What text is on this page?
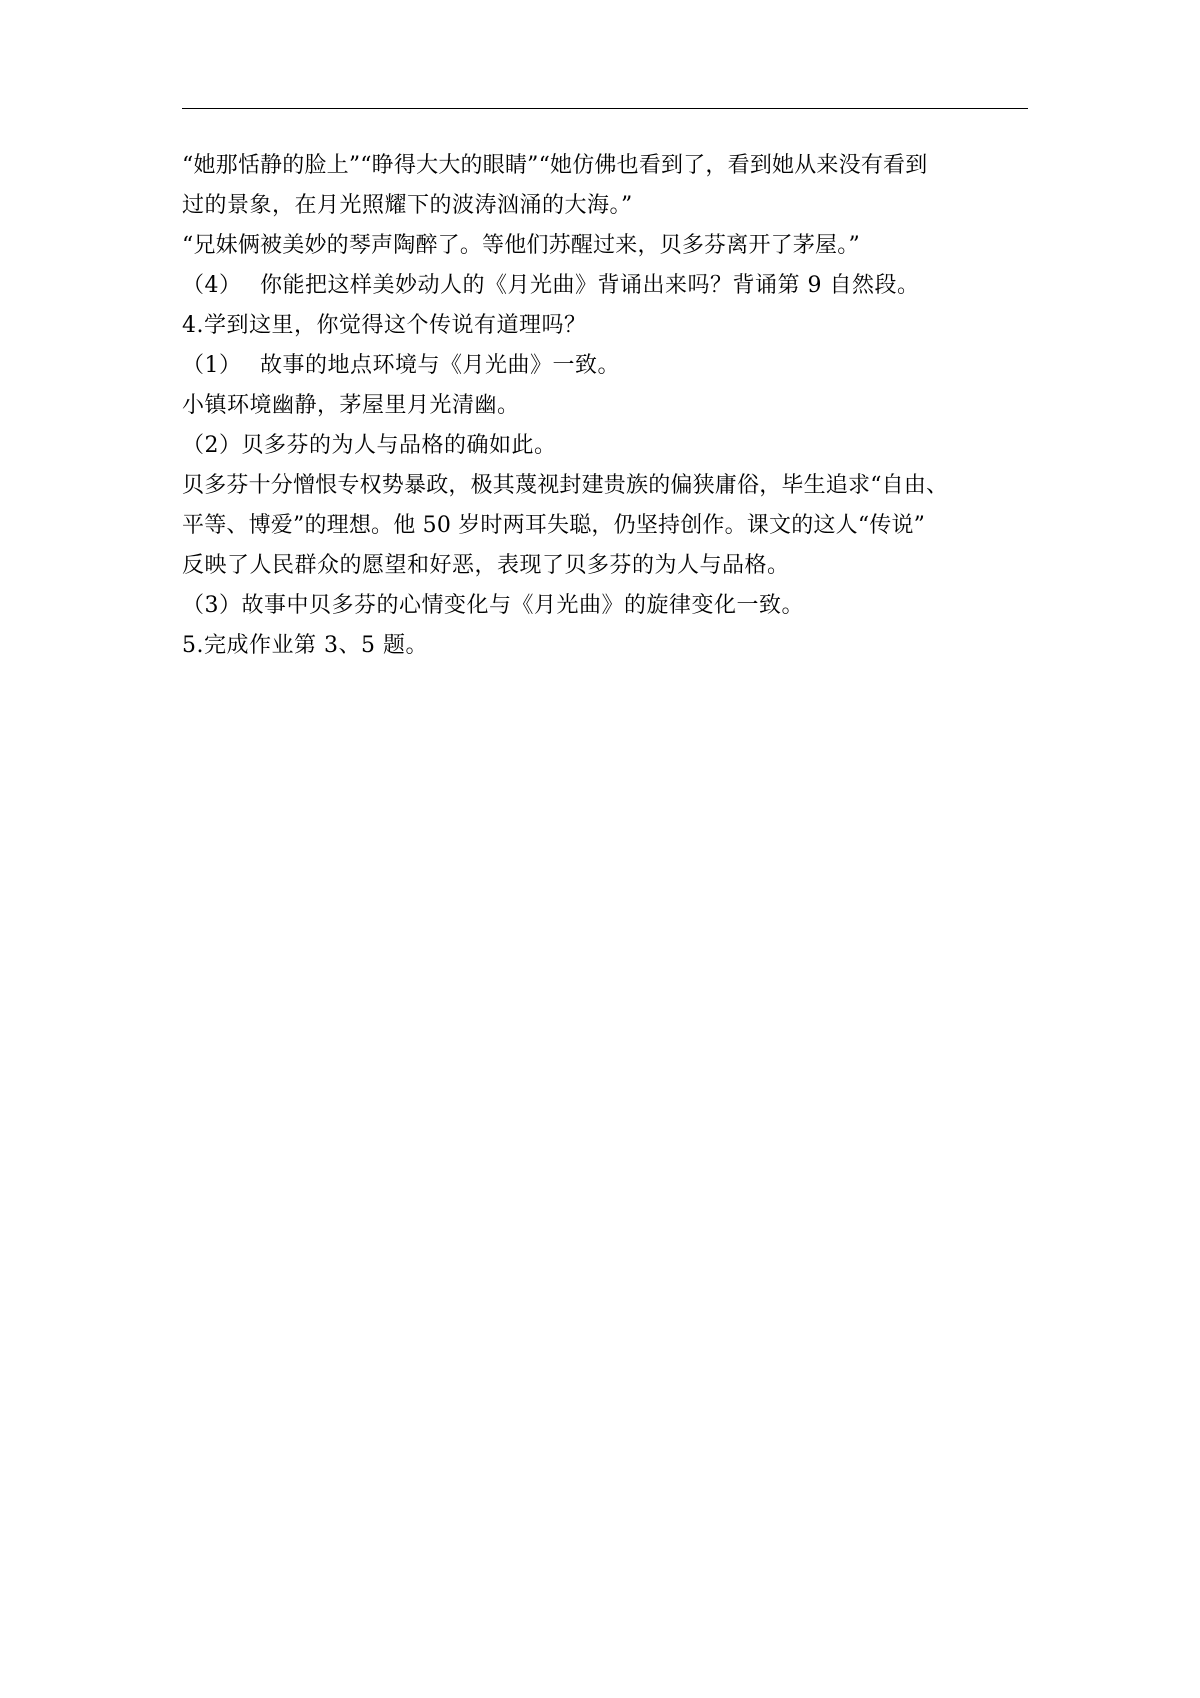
“她那恬静的脸上”“睁得大大的眼睛”“她仿佛也看到了，看到她从来没有看到
过的景象，在月光照耀下的波涛汹涌的大海。”
“兄妹俩被美妙的琴声陶醉了。等他们苏醒过来，贝多芬离开了茅屋。”
（4） 你能把这样美妙动人的《月光曲》背诵出来吗？背诵第 9 自然段。
4.学到这里，你觉得这个传说有道理吗？
（1） 故事的地点环境与《月光曲》一致。
小镇环境幽静，茅屋里月光清幽。
（2）贝多芬的为人与品格的确如此。
贝多芬十分憎恨专权势暴政，极其蔑视封建贵族的偏狭庸俗，毕生追求“自由、
平等、博爱”的理想。他 50 岁时两耳失聪，仍坚持创作。课文的这人“传说”
反映了人民群众的愿望和好恶，表现了贝多芬的为人与品格。
（3）故事中贝多芬的心情变化与《月光曲》的旋律变化一致。
5.完成作业第 3、5 题。
